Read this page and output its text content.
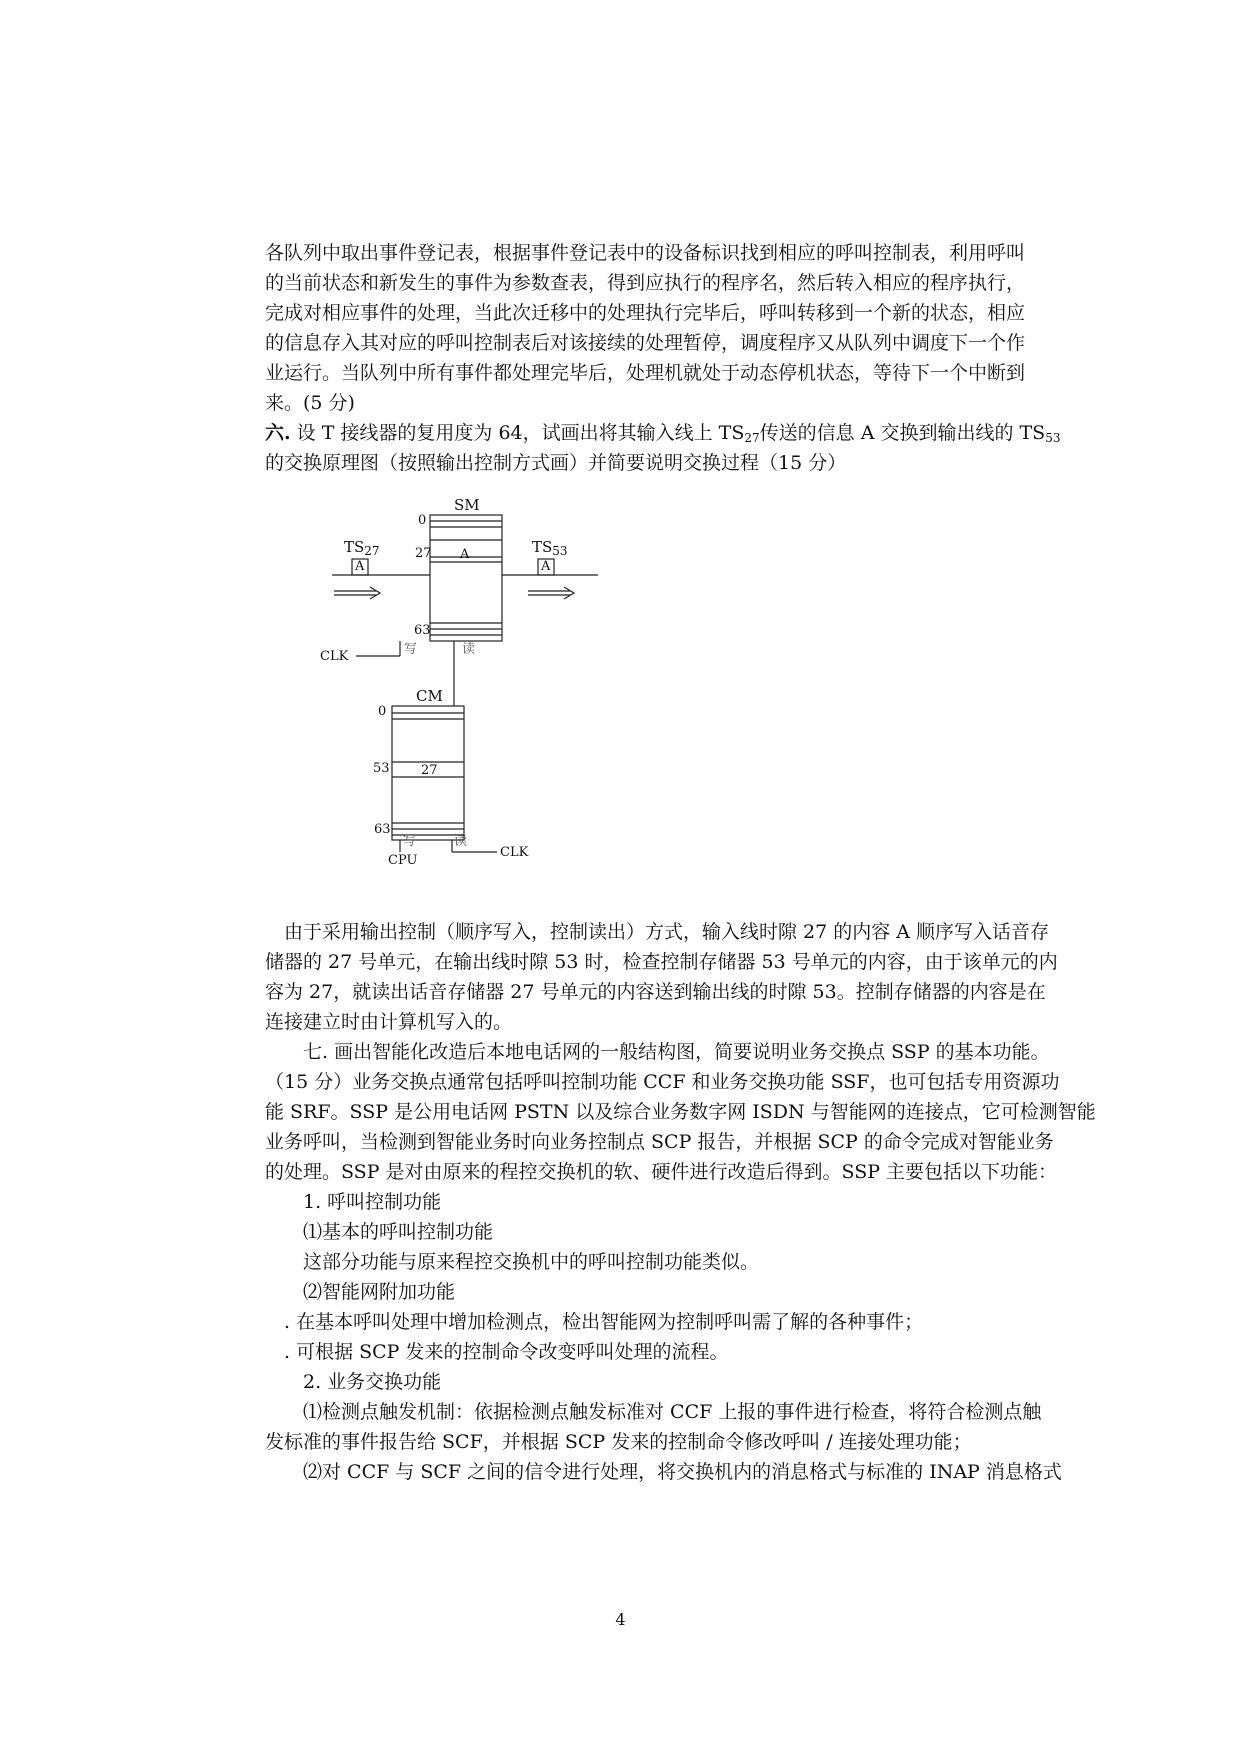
各队列中取出事件登记表，根据事件登记表中的设备标识找到相应的呼叫控制表，利用呼叫

的当前状态和新发生的事件为参数查表，得到应执行的程序名，然后转入相应的程序执行，

完成对相应事件的处理，当此次迁移中的处理执行完毕后，呼叫转移到一个新的状态，相应

的信息存入其对应的呼叫控制表后对该接续的处理暂停，调度程序又从队列中调度下一个作

业运行。当队列中所有事件都处理完毕后，处理机就处于动态停机状态，等待下一个中断到

来。(5 分)

六. 设 T 接线器的复用度为 64，试画出将其输入线上 $TS_{27}$传送的信息 A 交换到输出线的 $TS_{53}$

的交换原理图（按照输出控制方式画）并简要说明交换过程（15 分）

SM
0
27 A
63
$TS_{27}$
A
$TS_{53}$
A
CLK	写	读
CM
0
53 27
63
写	读
CPU
CLK

由于采用输出控制（顺序写入，控制读出）方式，输入线时隙 27 的内容 A 顺序写入话音存

储器的 27 号单元，在输出线时隙 53 时，检查控制存储器 53 号单元的内容，由于该单元的内

容为 27，就读出话音存储器 27 号单元的内容送到输出线的时隙 53。控制存储器的内容是在

连接建立时由计算机写入的。

七. 画出智能化改造后本地电话网的一般结构图，简要说明业务交换点 SSP 的基本功能。

（15 分）业务交换点通常包括呼叫控制功能 CCF 和业务交换功能 SSF，也可包括专用资源功

能 SRF。SSP 是公用电话网 PSTN 以及综合业务数字网 ISDN 与智能网的连接点，它可检测智能

业务呼叫，当检测到智能业务时向业务控制点 SCP 报告，并根据 SCP 的命令完成对智能业务

的处理。SSP 是对由原来的程控交换机的软、硬件进行改造后得到。SSP 主要包括以下功能：

1. 呼叫控制功能

⑴基本的呼叫控制功能

这部分功能与原来程控交换机中的呼叫控制功能类似。

⑵智能网附加功能

. 在基本呼叫处理中增加检测点，检出智能网为控制呼叫需了解的各种事件；

. 可根据 SCP 发来的控制命令改变呼叫处理的流程。

2. 业务交换功能

⑴检测点触发机制：依据检测点触发标准对 CCF 上报的事件进行检查，将符合检测点触

发标准的事件报告给 SCF，并根据 SCP 发来的控制命令修改呼叫 / 连接处理功能；

⑵对 CCF 与 SCF 之间的信令进行处理，将交换机内的消息格式与标准的 INAP 消息格式

4
